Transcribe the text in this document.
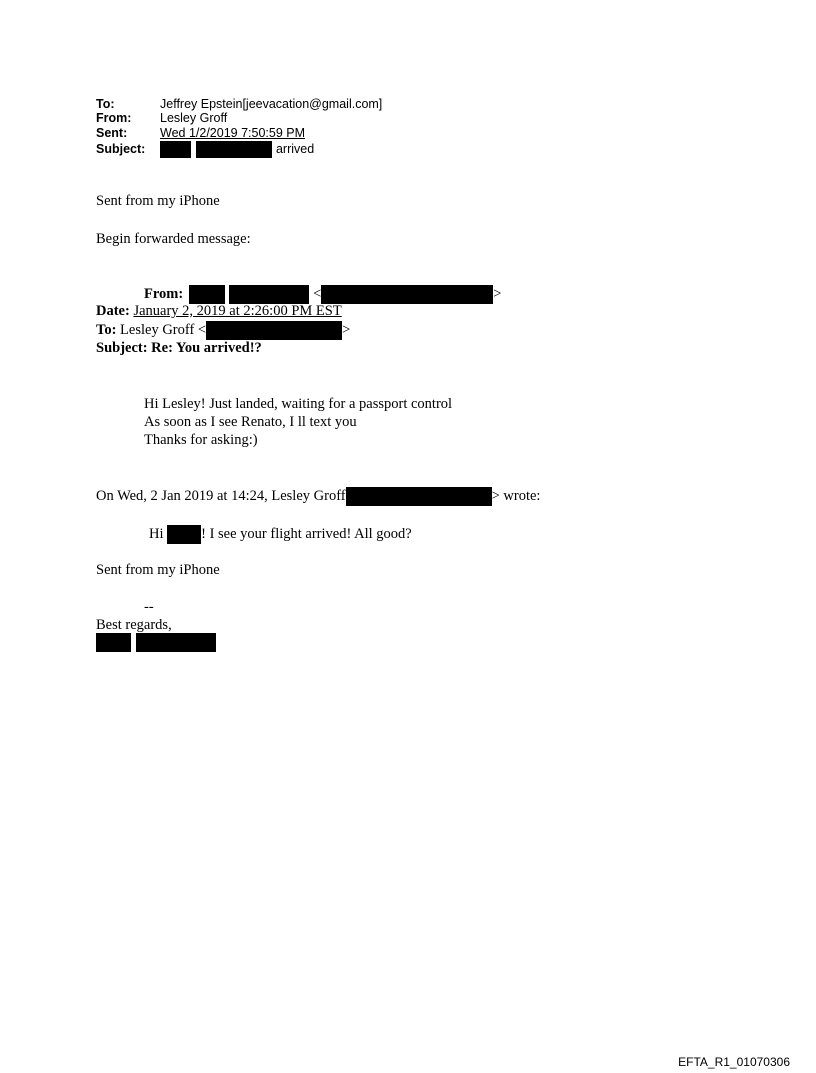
To:	Jeffrey Epstein[jeevacation@gmail.com]
From: Lesley Groff
Sent:	Wed 1/2/2019 7:50:59 PM
Subject:	arrived
Sent from my iPhone
Begin forwarded message:
From:	<	>
Date: January 2, 2019 at 2:26:00 PM EST
To: Lesley Groff <	>
Subject: Re: You arrived!?
Hi Lesley! Just landed, waiting for a passport control
As soon as I see Renato, I ll text you
Thanks for asking:)
On Wed, 2 Jan 2019 at 14:24, Lesley Groff	> wrote:
Hi	! I see your flight arrived! All good?
Sent from my iPhone
--
Best regards,

EFTA_R1_01070306
